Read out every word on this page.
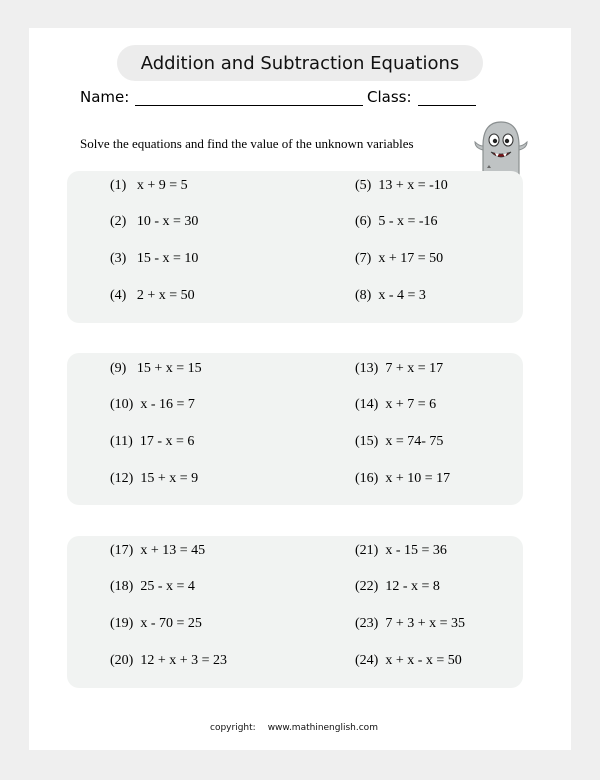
Addition and Subtraction Equations
Name:	Class:
Solve the equations and find the value of the unknown variables
(1) x + 9 = 5
(2) 10 - x = 30
(3) 15 - x = 10
(4) 2 + x = 50
(5) 13 + x = -10
(6) 5 - x = -16
(7) x + 17 = 50
(8) x - 4 = 3
(9) 15 + x = 15
(10) x - 16 = 7
(11) 17 - x = 6
(12) 15 + x = 9
(13) 7 + x = 17
(14) x + 7 = 6
(15) x = 74- 75
(16) x + 10 = 17
(17) x + 13 = 45
(18) 25 - x = 4
(19) x - 70 = 25
(20) 12 + x + 3 = 23
(21) x - 15 = 36
(22) 12 - x = 8
(23) 7 + 3 + x = 35
(24) x + x - x = 50
copyright: www.mathinenglish.com
